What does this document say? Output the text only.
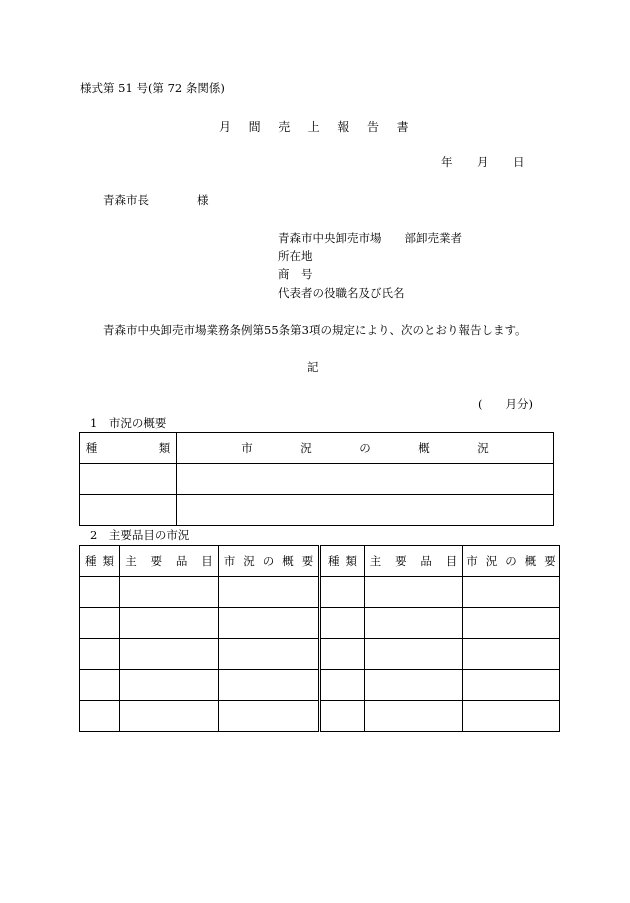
様式第 51 号(第 72 条関係)
月間売上報告書
年　　月　　日
青森市長	様
青森市中央卸売市場　　部卸売業者
所在地
商　号
代表者の役職名及び氏名
青森市中央卸売市場業務条例第55条第3項の規定により、次のとおり報告します。
記
(　　月分)
1　市況の概要
種類	市況の概況

2　主要品目の市況
種類	主要品目	市況の概要	種類	主要品目	市況の概要
